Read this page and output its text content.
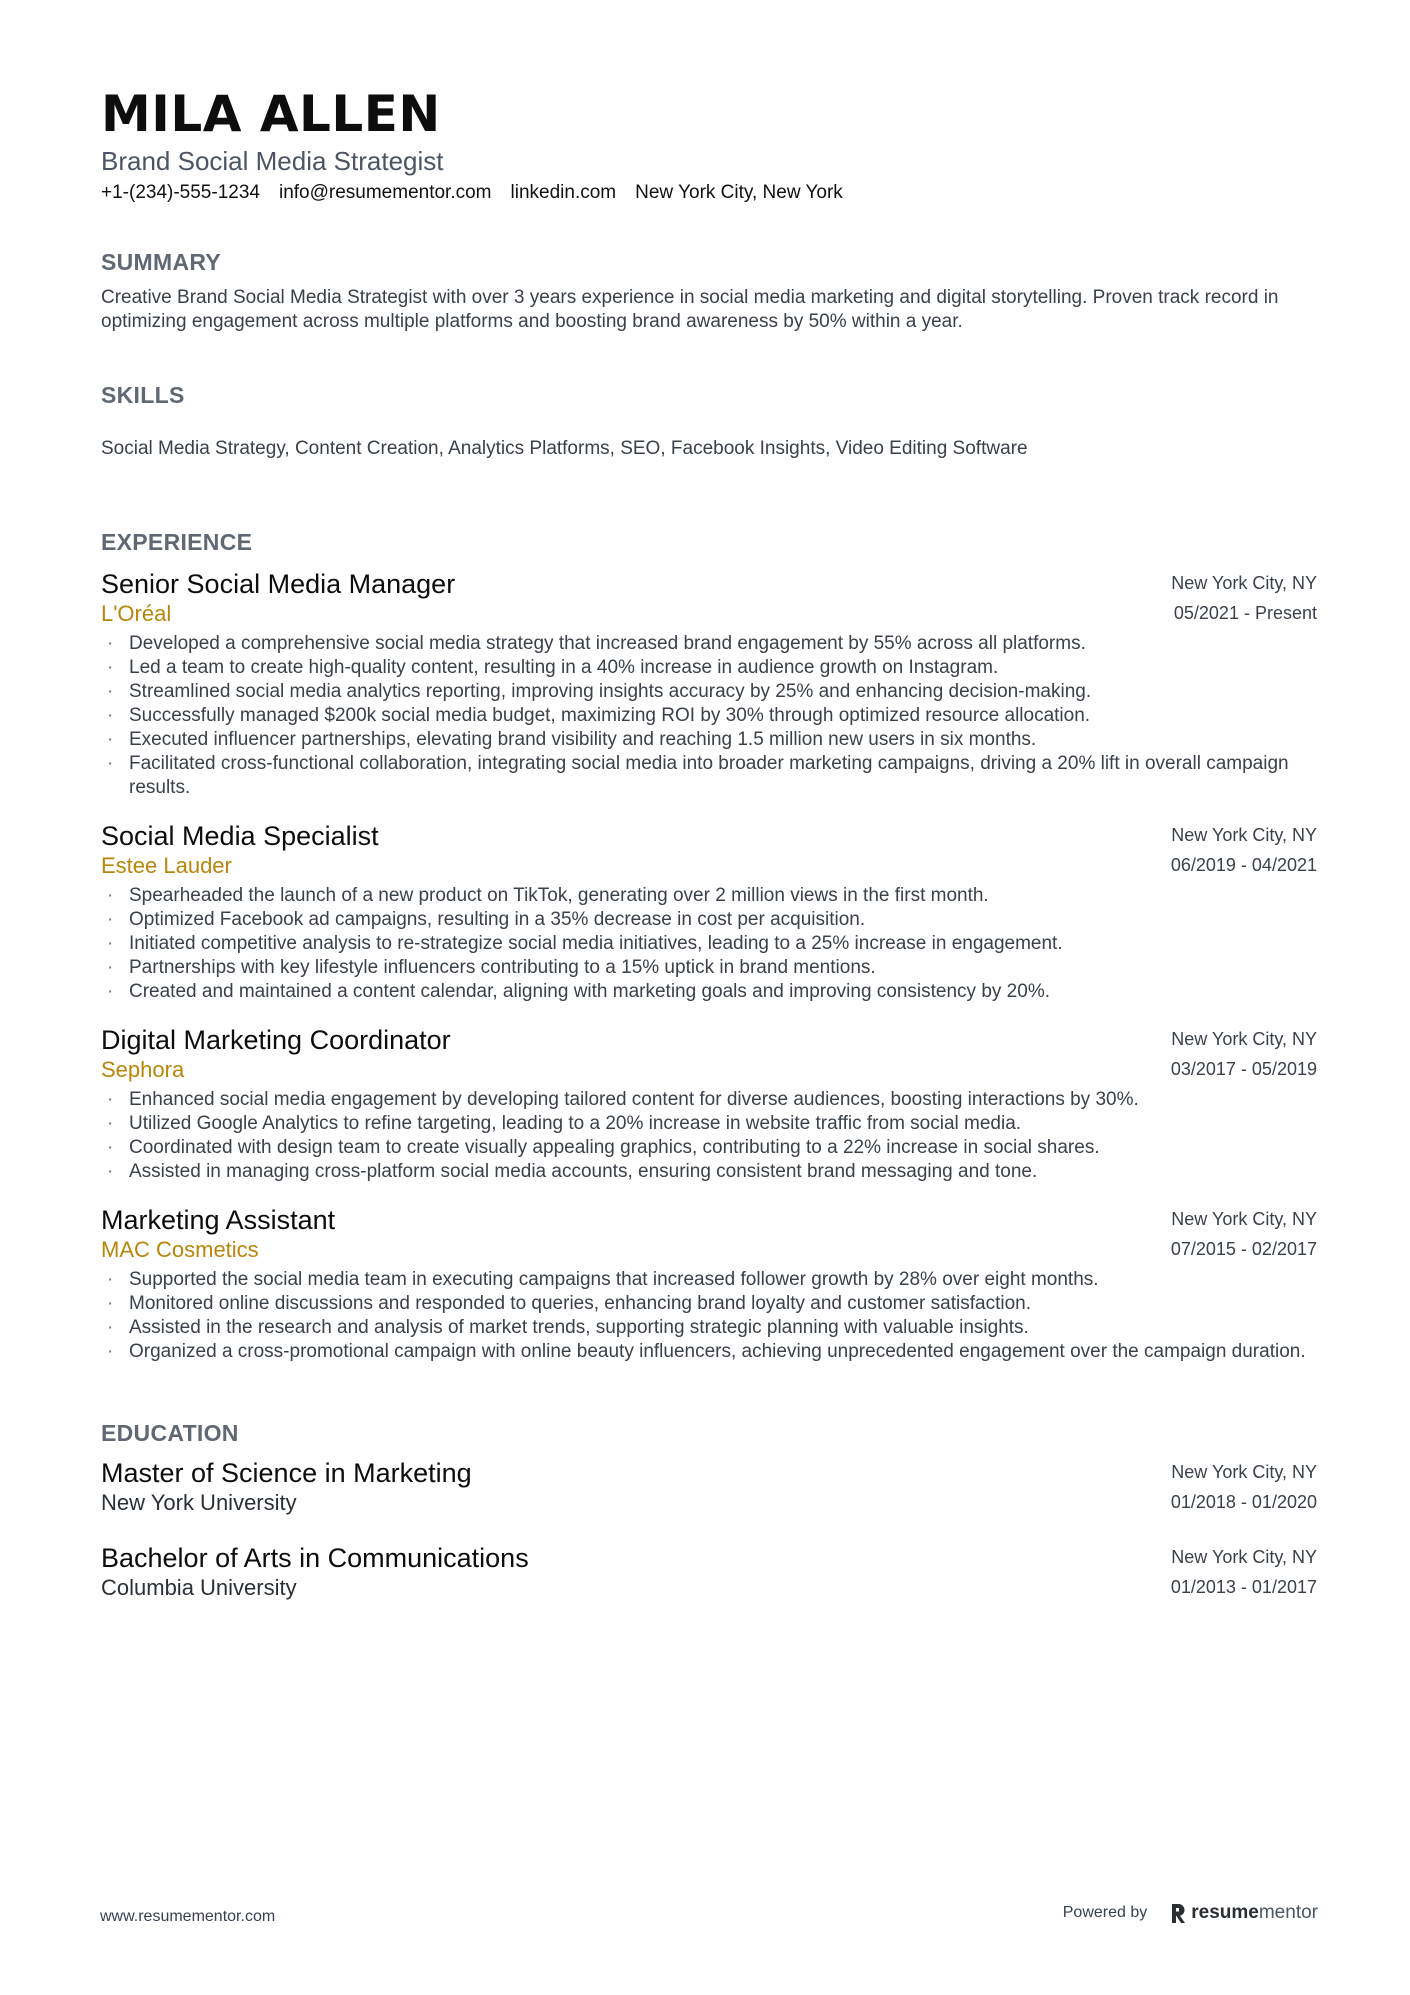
MILA ALLEN
Brand Social Media Strategist
+1-(234)-555-1234 info@resumementor.com linkedin.com New York City, New York
SUMMARY
Creative Brand Social Media Strategist with over 3 years experience in social media marketing and digital storytelling. Proven track record in optimizing engagement across multiple platforms and boosting brand awareness by 50% within a year.
SKILLS
Social Media Strategy, Content Creation, Analytics Platforms, SEO, Facebook Insights, Video Editing Software
EXPERIENCE
Senior Social Media Manager
L'Oréal
New York City, NY
05/2021 - Present
· Developed a comprehensive social media strategy that increased brand engagement by 55% across all platforms.
· Led a team to create high-quality content, resulting in a 40% increase in audience growth on Instagram.
· Streamlined social media analytics reporting, improving insights accuracy by 25% and enhancing decision-making.
· Successfully managed $200k social media budget, maximizing ROI by 30% through optimized resource allocation.
· Executed influencer partnerships, elevating brand visibility and reaching 1.5 million new users in six months.
· Facilitated cross-functional collaboration, integrating social media into broader marketing campaigns, driving a 20% lift in overall campaign results.
Social Media Specialist
Estee Lauder
New York City, NY
06/2019 - 04/2021
· Spearheaded the launch of a new product on TikTok, generating over 2 million views in the first month.
· Optimized Facebook ad campaigns, resulting in a 35% decrease in cost per acquisition.
· Initiated competitive analysis to re-strategize social media initiatives, leading to a 25% increase in engagement.
· Partnerships with key lifestyle influencers contributing to a 15% uptick in brand mentions.
· Created and maintained a content calendar, aligning with marketing goals and improving consistency by 20%.
Digital Marketing Coordinator
Sephora
New York City, NY
03/2017 - 05/2019
· Enhanced social media engagement by developing tailored content for diverse audiences, boosting interactions by 30%.
· Utilized Google Analytics to refine targeting, leading to a 20% increase in website traffic from social media.
· Coordinated with design team to create visually appealing graphics, contributing to a 22% increase in social shares.
· Assisted in managing cross-platform social media accounts, ensuring consistent brand messaging and tone.
Marketing Assistant
MAC Cosmetics
New York City, NY
07/2015 - 02/2017
· Supported the social media team in executing campaigns that increased follower growth by 28% over eight months.
· Monitored online discussions and responded to queries, enhancing brand loyalty and customer satisfaction.
· Assisted in the research and analysis of market trends, supporting strategic planning with valuable insights.
· Organized a cross-promotional campaign with online beauty influencers, achieving unprecedented engagement over the campaign duration.
EDUCATION
Master of Science in Marketing
New York University
New York City, NY
01/2018 - 01/2020
Bachelor of Arts in Communications
Columbia University
New York City, NY
01/2013 - 01/2017
www.resumementor.com	Powered by resume mentor
